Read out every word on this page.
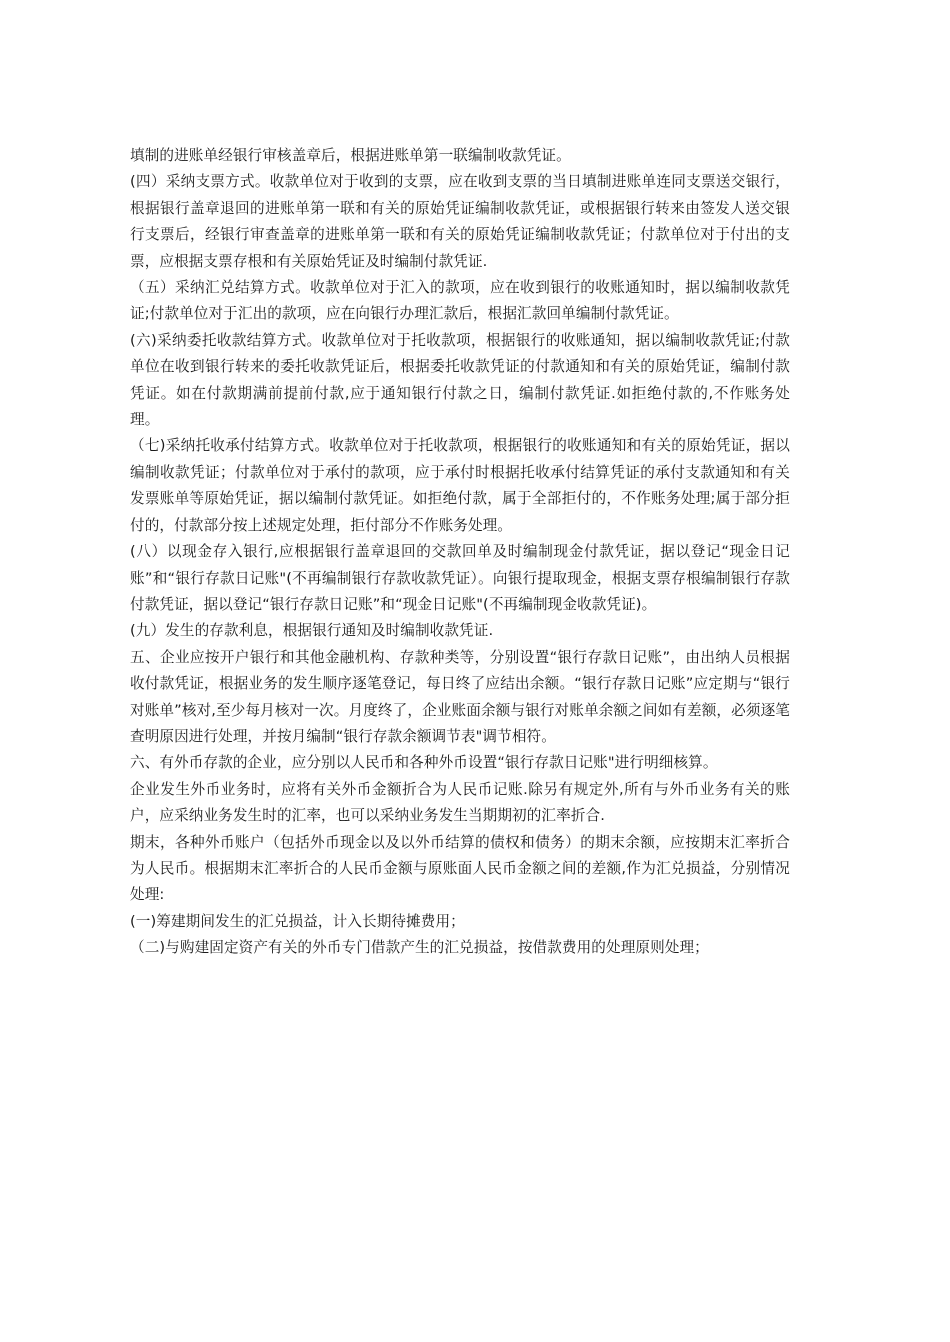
填制的进账单经银行审核盖章后，根据进账单第一联编制收款凭证。

(四）采纳支票方式。收款单位对于收到的支票，应在收到支票的当日填制进账单连同支票送交银行，根据银行盖章退回的进账单第一联和有关的原始凭证编制收款凭证，或根据银行转来由签发人送交银行支票后，经银行审查盖章的进账单第一联和有关的原始凭证编制收款凭证；付款单位对于付出的支票，应根据支票存根和有关原始凭证及时编制付款凭证.

（五）采纳汇兑结算方式。收款单位对于汇入的款项，应在收到银行的收账通知时，据以编制收款凭证;付款单位对于汇出的款项，应在向银行办理汇款后，根据汇款回单编制付款凭证。

(六)采纳委托收款结算方式。收款单位对于托收款项，根据银行的收账通知，据以编制收款凭证;付款单位在收到银行转来的委托收款凭证后，根据委托收款凭证的付款通知和有关的原始凭证，编制付款凭证。如在付款期满前提前付款,应于通知银行付款之日，编制付款凭证.如拒绝付款的,不作账务处理。

（七)采纳托收承付结算方式。收款单位对于托收款项，根据银行的收账通知和有关的原始凭证，据以编制收款凭证；付款单位对于承付的款项，应于承付时根据托收承付结算凭证的承付支款通知和有关发票账单等原始凭证，据以编制付款凭证。如拒绝付款，属于全部拒付的，不作账务处理;属于部分拒付的，付款部分按上述规定处理，拒付部分不作账务处理。

(八）以现金存入银行,应根据银行盖章退回的交款回单及时编制现金付款凭证，据以登记“现金日记账”和“银行存款日记账"(不再编制银行存款收款凭证）。向银行提取现金，根据支票存根编制银行存款付款凭证，据以登记“银行存款日记账”和“现金日记账"(不再编制现金收款凭证)。

(九）发生的存款利息，根据银行通知及时编制收款凭证.

五、企业应按开户银行和其他金融机构、存款种类等，分别设置“银行存款日记账”，由出纳人员根据收付款凭证，根据业务的发生顺序逐笔登记，每日终了应结出余额。“银行存款日记账”应定期与“银行对账单”核对,至少每月核对一次。月度终了，企业账面余额与银行对账单余额之间如有差额，必须逐笔查明原因进行处理，并按月编制“银行存款余额调节表"调节相符。

六、有外币存款的企业，应分别以人民币和各种外币设置“银行存款日记账"进行明细核算。

企业发生外币业务时，应将有关外币金额折合为人民币记账.除另有规定外,所有与外币业务有关的账户，应采纳业务发生时的汇率，也可以采纳业务发生当期期初的汇率折合.

期末，各种外币账户（包括外币现金以及以外币结算的债权和债务）的期末余额，应按期末汇率折合为人民币。根据期末汇率折合的人民币金额与原账面人民币金额之间的差额,作为汇兑损益，分别情况处理:

(一)筹建期间发生的汇兑损益，计入长期待摊费用；

（二)与购建固定资产有关的外币专门借款产生的汇兑损益，按借款费用的处理原则处理；
